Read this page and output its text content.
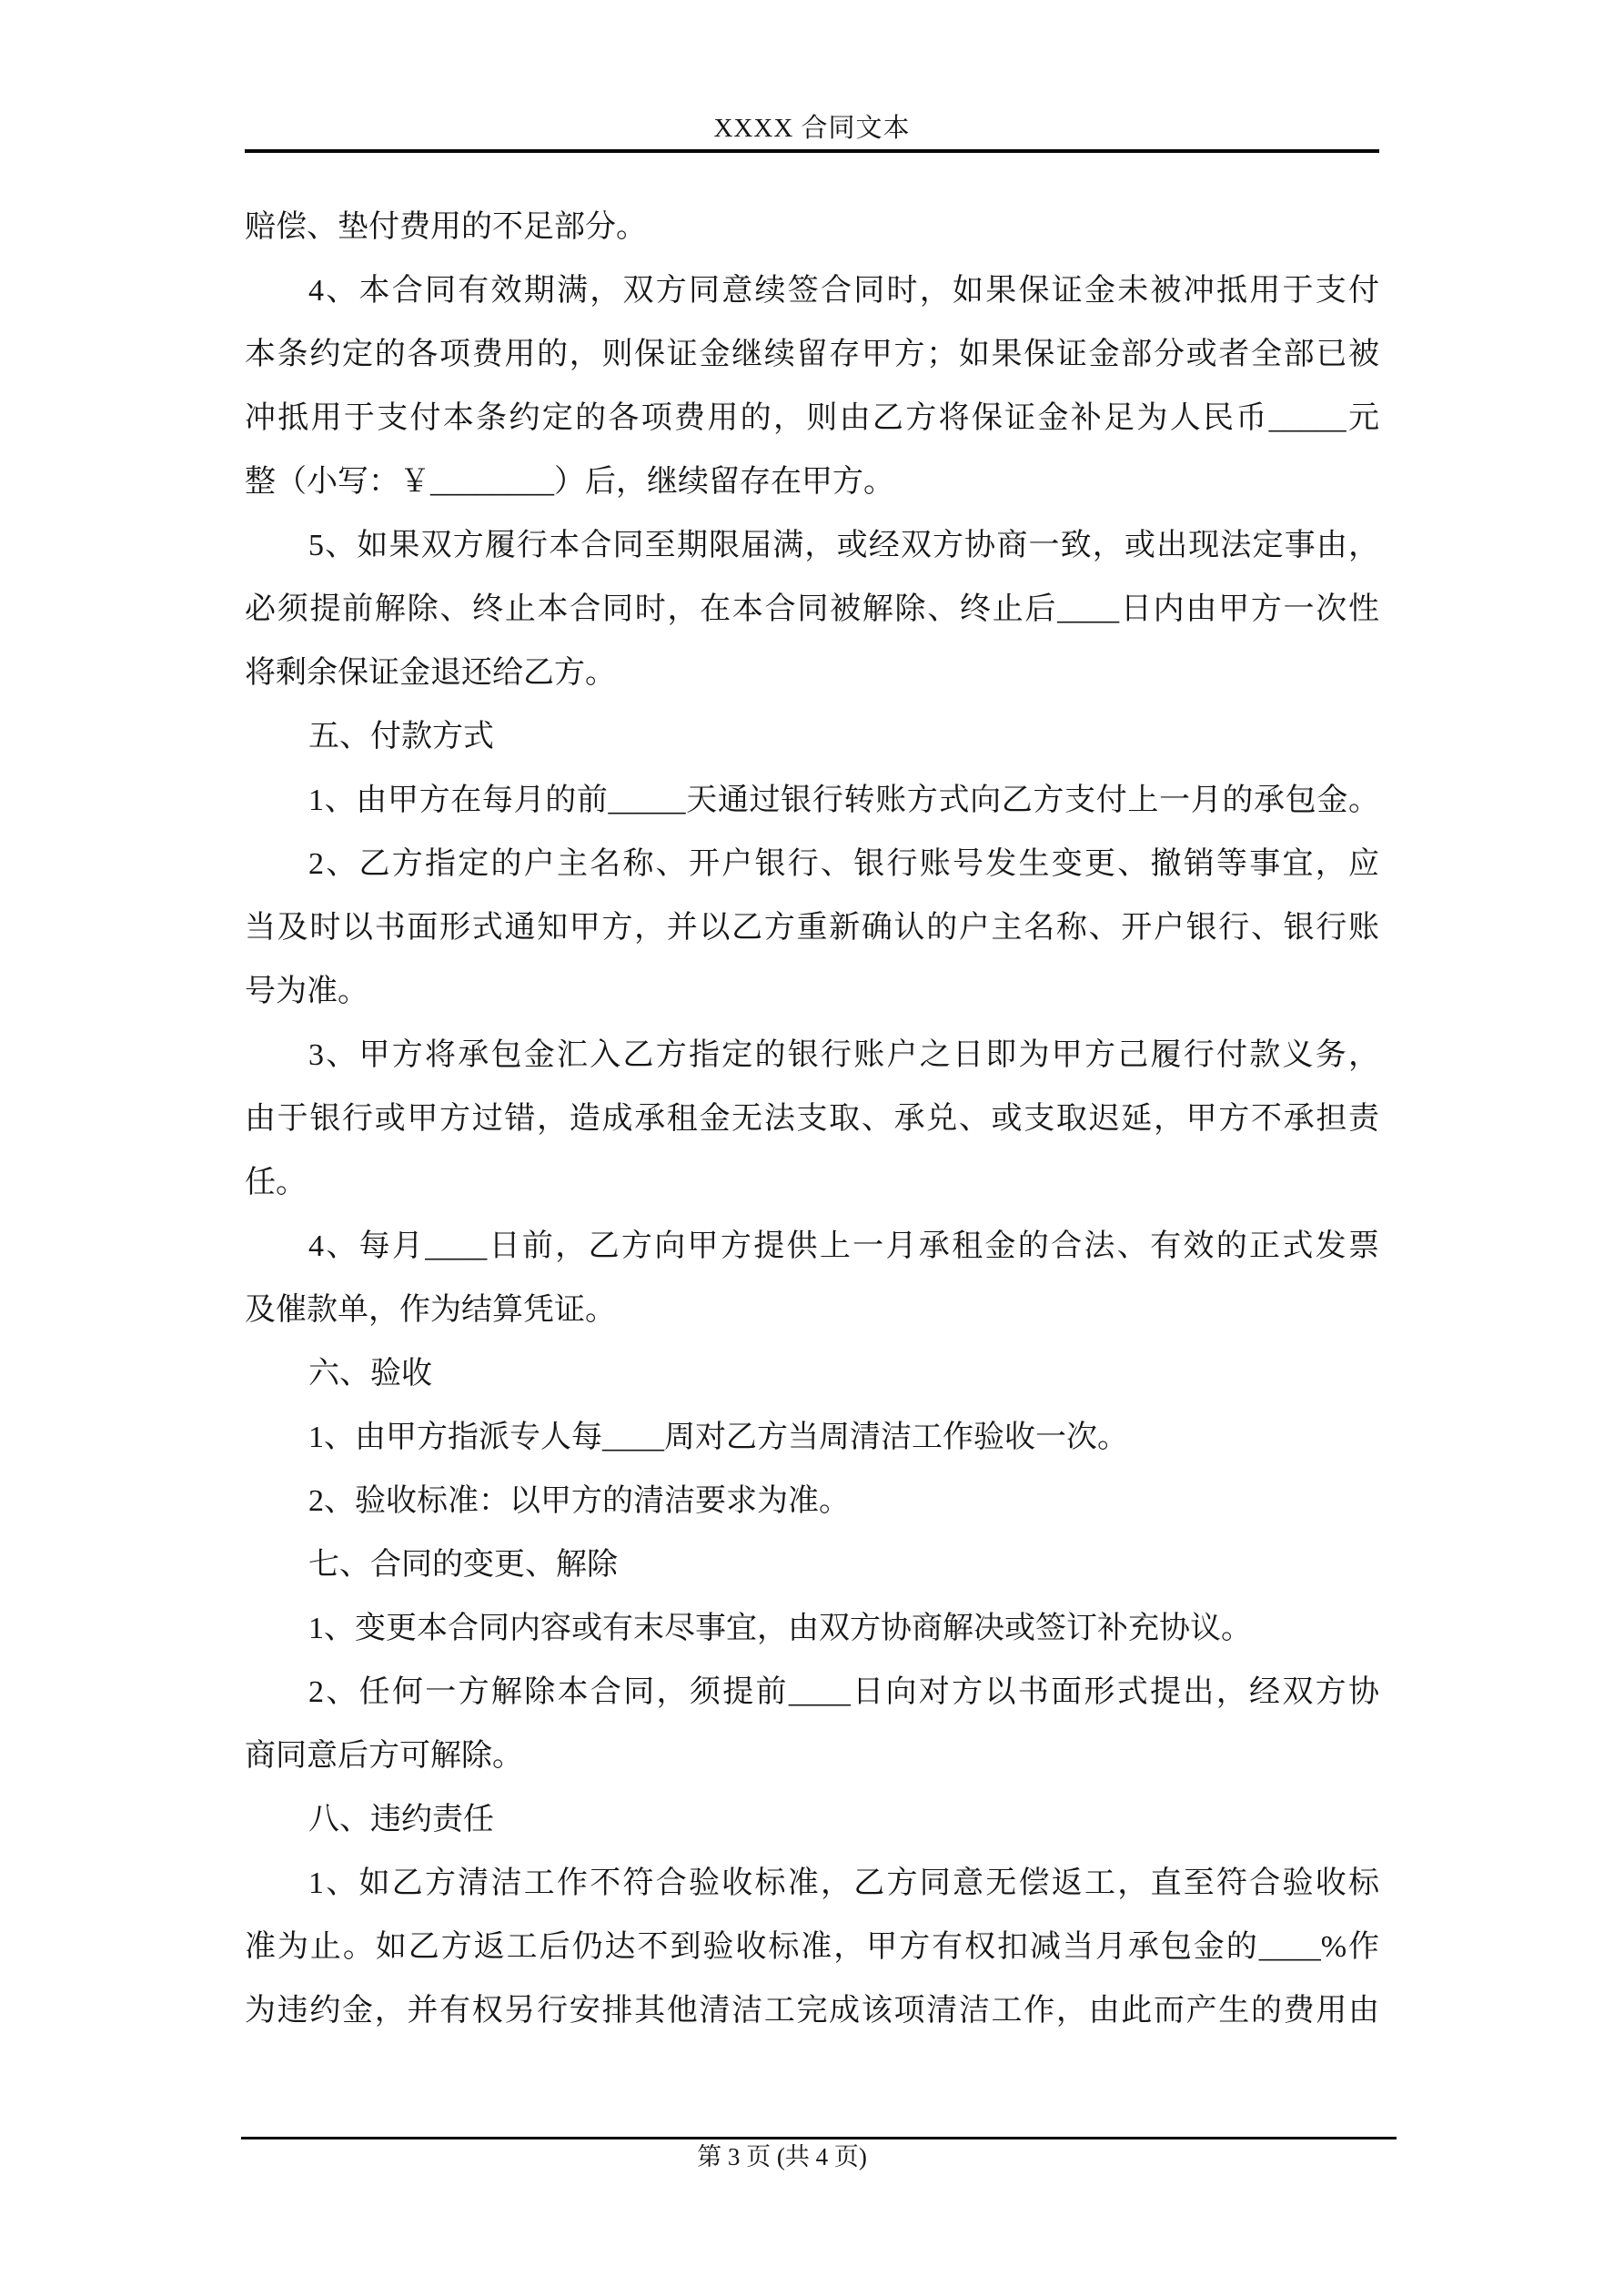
XXXX 合同文本
赔偿、垫付费用的不足部分。
4、本合同有效期满，双方同意续签合同时，如果保证金未被冲抵用于支付
本条约定的各项费用的，则保证金继续留存甲方；如果保证金部分或者全部已被
冲抵用于支付本条约定的各项费用的，则由乙方将保证金补足为人民币_____元
整（小写：￥________）后，继续留存在甲方。
5、如果双方履行本合同至期限届满，或经双方协商一致，或出现法定事由，
必须提前解除、终止本合同时，在本合同被解除、终止后____日内由甲方一次性
将剩余保证金退还给乙方。
五、付款方式
1、由甲方在每月的前_____天通过银行转账方式向乙方支付上一月的承包金。
2、乙方指定的户主名称、开户银行、银行账号发生变更、撤销等事宜，应
当及时以书面形式通知甲方，并以乙方重新确认的户主名称、开户银行、银行账
号为准。
3、甲方将承包金汇入乙方指定的银行账户之日即为甲方己履行付款义务，
由于银行或甲方过错，造成承租金无法支取、承兑、或支取迟延，甲方不承担责
任。
4、每月____日前，乙方向甲方提供上一月承租金的合法、有效的正式发票
及催款单，作为结算凭证。
六、验收
1、由甲方指派专人每____周对乙方当周清洁工作验收一次。
2、验收标准：以甲方的清洁要求为准。
七、合同的变更、解除
1、变更本合同内容或有末尽事宜，由双方协商解决或签订补充协议。
2、任何一方解除本合同，须提前____日向对方以书面形式提出，经双方协
商同意后方可解除。
八、违约责任
1、如乙方清洁工作不符合验收标准，乙方同意无偿返工，直至符合验收标
准为止。如乙方返工后仍达不到验收标准，甲方有权扣减当月承包金的____%作
为违约金，并有权另行安排其他清洁工完成该项清洁工作，由此而产生的费用由
第 3 页 (共 4 页)
